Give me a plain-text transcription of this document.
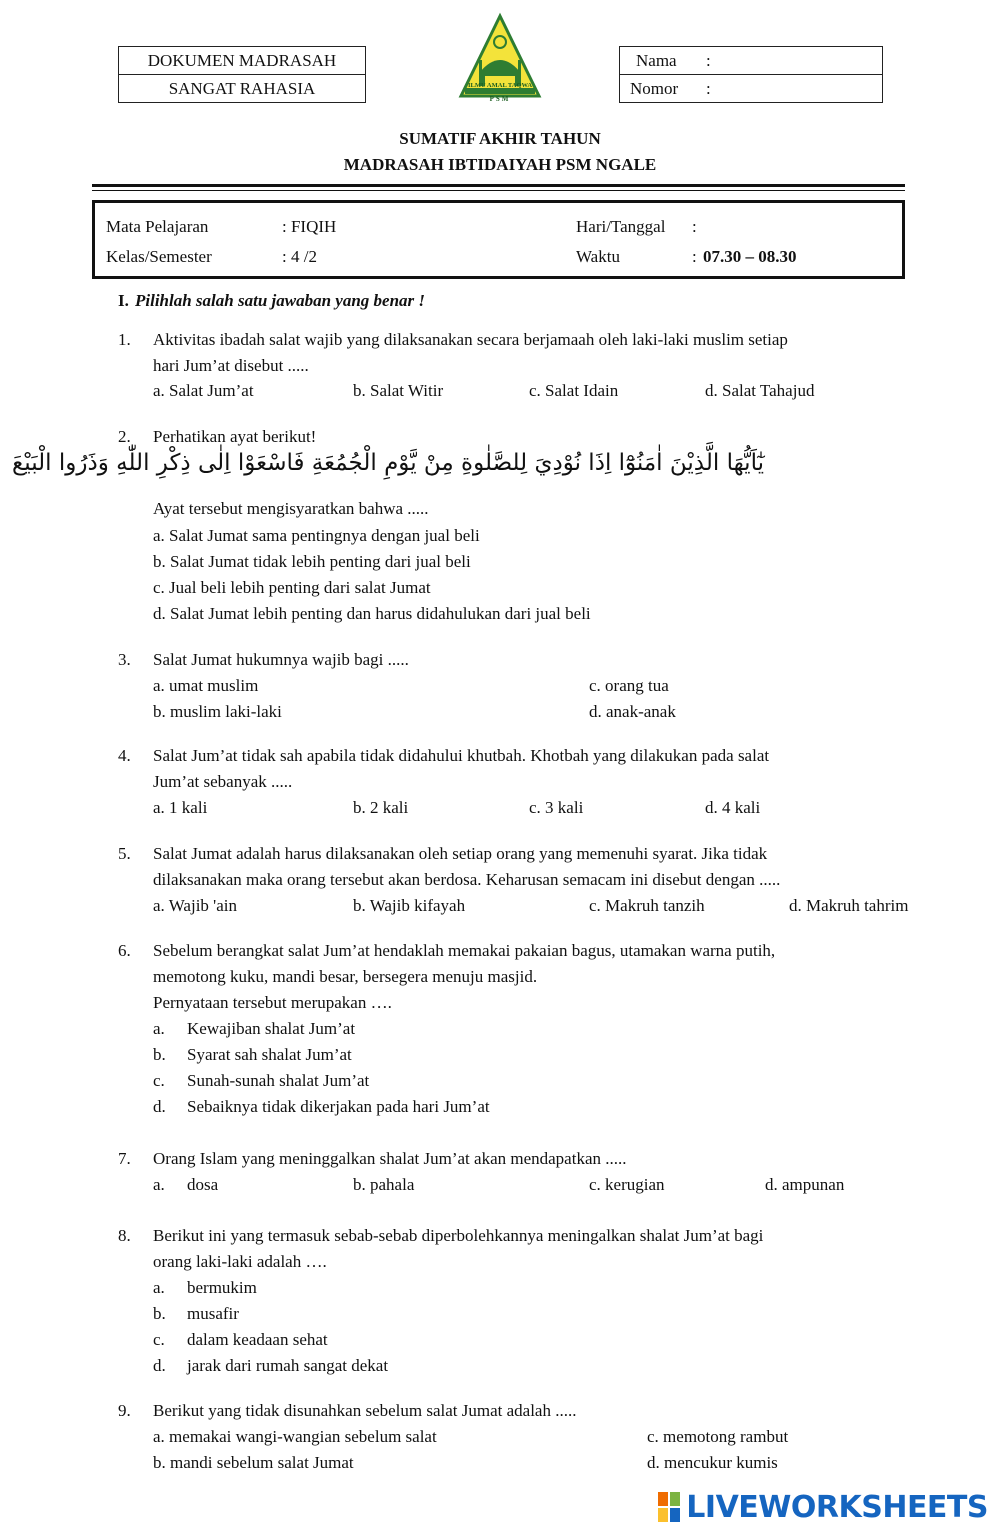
DOKUMEN MADRASAH
SANGAT RAHASIA
Nama :
Nomor :
ILMU AMAL TAQWA
PSM
SUMATIF AKHIR TAHUN
MADRASAH IBTIDAIYAH PSM NGALE
Mata Pelajaran	: FIQIH	Hari/Tanggal :
Kelas/Semester	: 4 /2	Waktu	: 07.30 – 08.30
I. Pilihlah salah satu jawaban yang benar !
1. Aktivitas ibadah salat wajib yang dilaksanakan secara berjamaah oleh laki-laki muslim setiap
hari Jum’at disebut .....
a. Salat Jum’at	b. Salat Witir	c. Salat Idain	d. Salat Tahajud
2. Perhatikan ayat berikut!
يٰٓاَيُّهَا الَّذِيْنَ اٰمَنُوْٓا اِذَا نُوْدِيَ لِلصَّلٰوةِ مِنْ يَّوْمِ الْجُمُعَةِ فَاسْعَوْا اِلٰى ذِكْرِ اللّٰهِ وَذَرُوا الْبَيْعَ
Ayat tersebut mengisyaratkan bahwa .....
a. Salat Jumat sama pentingnya dengan jual beli
b. Salat Jumat tidak lebih penting dari jual beli
c. Jual beli lebih penting dari salat Jumat
d. Salat Jumat lebih penting dan harus didahulukan dari jual beli
3. Salat Jumat hukumnya wajib bagi .....
a. umat muslim	c. orang tua
b. muslim laki-laki	d. anak-anak
4. Salat Jum’at tidak sah apabila tidak didahului khutbah. Khotbah yang dilakukan pada salat
Jum’at sebanyak .....
a. 1 kali	b. 2 kali	c. 3 kali	d. 4 kali
5. Salat Jumat adalah harus dilaksanakan oleh setiap orang yang memenuhi syarat. Jika tidak
dilaksanakan maka orang tersebut akan berdosa. Keharusan semacam ini disebut dengan .....
a. Wajib 'ain	b. Wajib kifayah	c. Makruh tanzih	d. Makruh tahrim
6. Sebelum berangkat salat Jum’at hendaklah memakai pakaian bagus, utamakan warna putih,
memotong kuku, mandi besar, bersegera menuju masjid.
Pernyataan tersebut merupakan ….
a. Kewajiban shalat Jum’at
b. Syarat sah shalat Jum’at
c. Sunah-sunah shalat Jum’at
d. Sebaiknya tidak dikerjakan pada hari Jum’at
7. Orang Islam yang meninggalkan shalat Jum’at akan mendapatkan .....
a. dosa	b. pahala	c. kerugian	d. ampunan
8. Berikut ini yang termasuk sebab-sebab diperbolehkannya meningalkan shalat Jum’at bagi
orang laki-laki adalah ….
a. bermukim
b. musafir
c. dalam keadaan sehat
d. jarak dari rumah sangat dekat
9. Berikut yang tidak disunahkan sebelum salat Jumat adalah .....
a. memakai wangi-wangian sebelum salat	c. memotong rambut
b. mandi sebelum salat Jumat	d. mencukur kumis
LIVEWORKSHEETS
